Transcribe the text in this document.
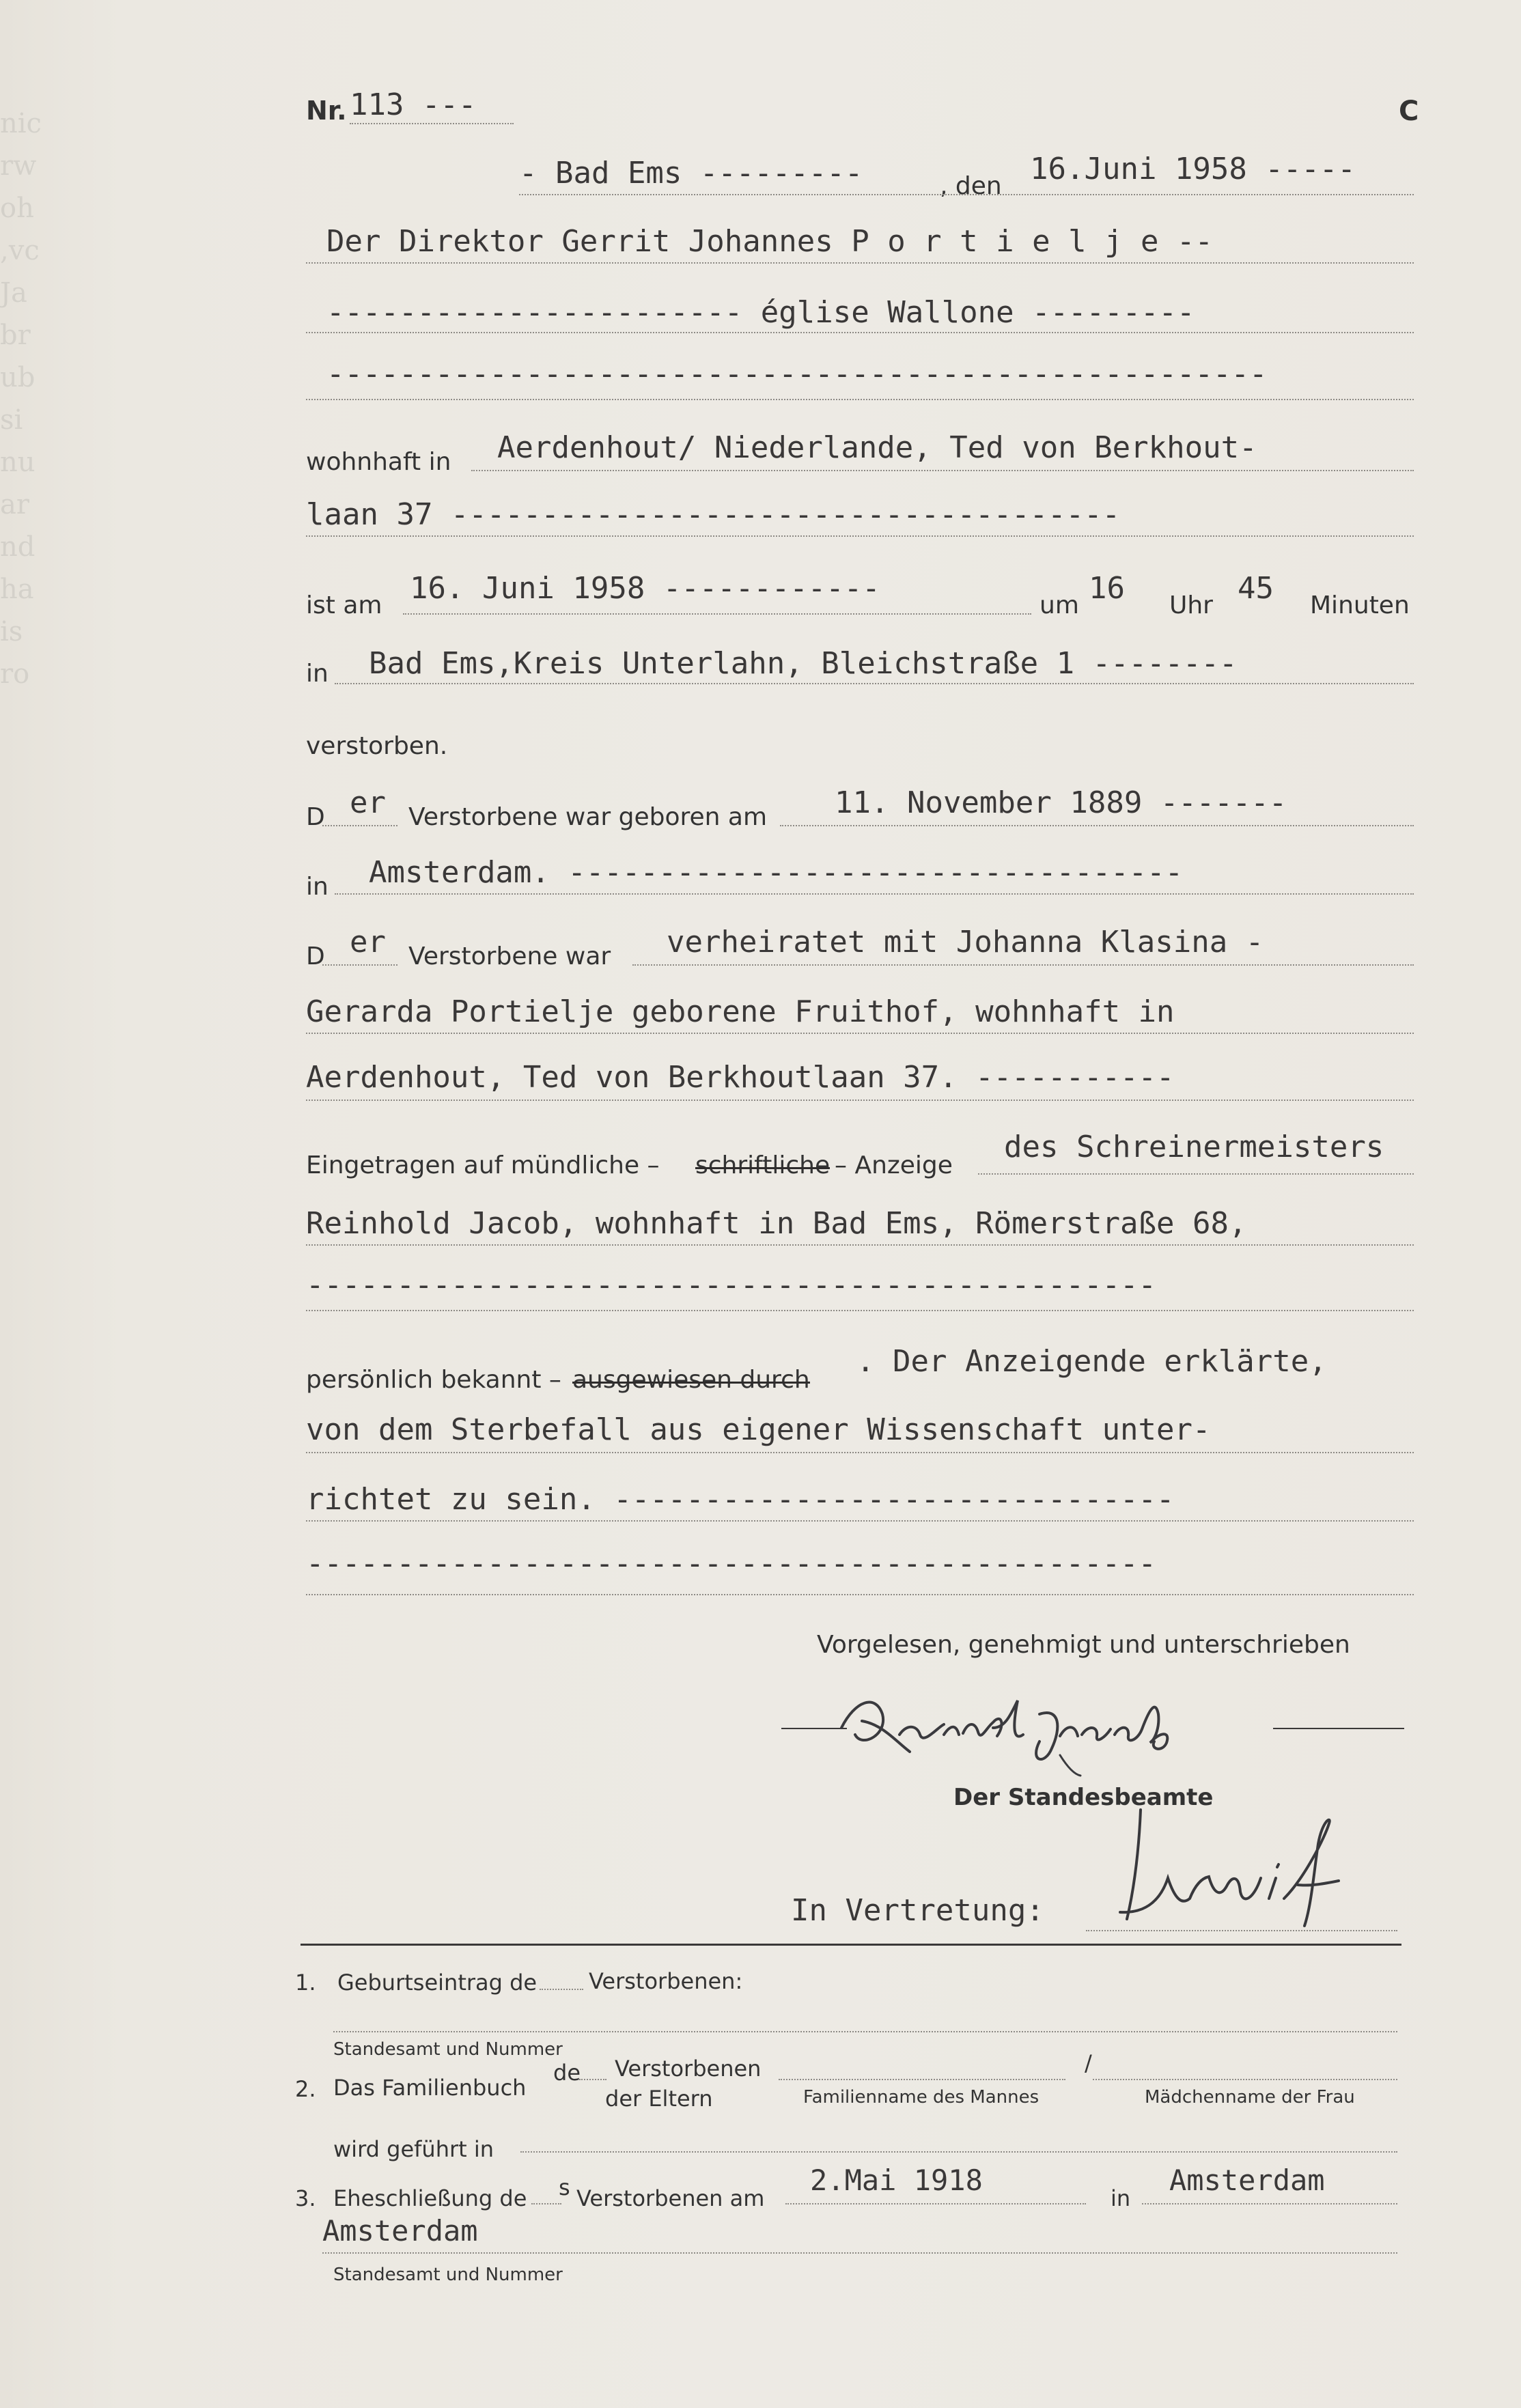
nic
rw
oh
,vc
Ja
br
ub
si
nu
ar
nd
ha
is
ro
Nr. 113 ---	C
- Bad Ems ---------	, den 16.Juni 1958 -----
Der Direktor Gerrit Johannes P o r t i e l j e --
----------------------- église Wallone ---------
----------------------------------------------------
wohnhaft in Aerdenhout/ Niederlande, Ted von Berkhout-
laan 37 -------------------------------------
ist am 16. Juni 1958 ------------	um 16 Uhr 45 Minuten
in Bad Ems,Kreis Unterlahn, Bleichstraße 1 --------
verstorben.
D er Verstorbene war geboren am 11. November 1889 -------
in Amsterdam. ----------------------------------
D er Verstorbene war verheiratet mit Johanna Klasina -
Gerarda Portielje geborene Fruithof, wohnhaft in
Aerdenhout, Ted von Berkhoutlaan 37. -----------
Eingetragen auf mündliche – schriftliche – Anzeige
des Schreinermeisters
Reinhold Jacob, wohnhaft in Bad Ems, Römerstraße 68,
-----------------------------------------------
persönlich bekannt – ausgewiesen durch
. Der Anzeigende erklärte,
von dem Sterbefall aus eigener Wissenschaft unter-
richtet zu sein. -------------------------------
-----------------------------------------------
Vorgelesen, genehmigt und unterschrieben
Der Standesbeamte
In Vertretung:
1. Geburtseintrag de Verstorbenen:
Standesamt und Nummer
2. Das Familienbuch
de Verstorbenen
der Eltern
/
Familienname des Mannes	Mädchenname der Frau
wird geführt in
3. Eheschließung de s Verstorbenen am
2.Mai 1918
in
Amsterdam
Amsterdam
Standesamt und Nummer
